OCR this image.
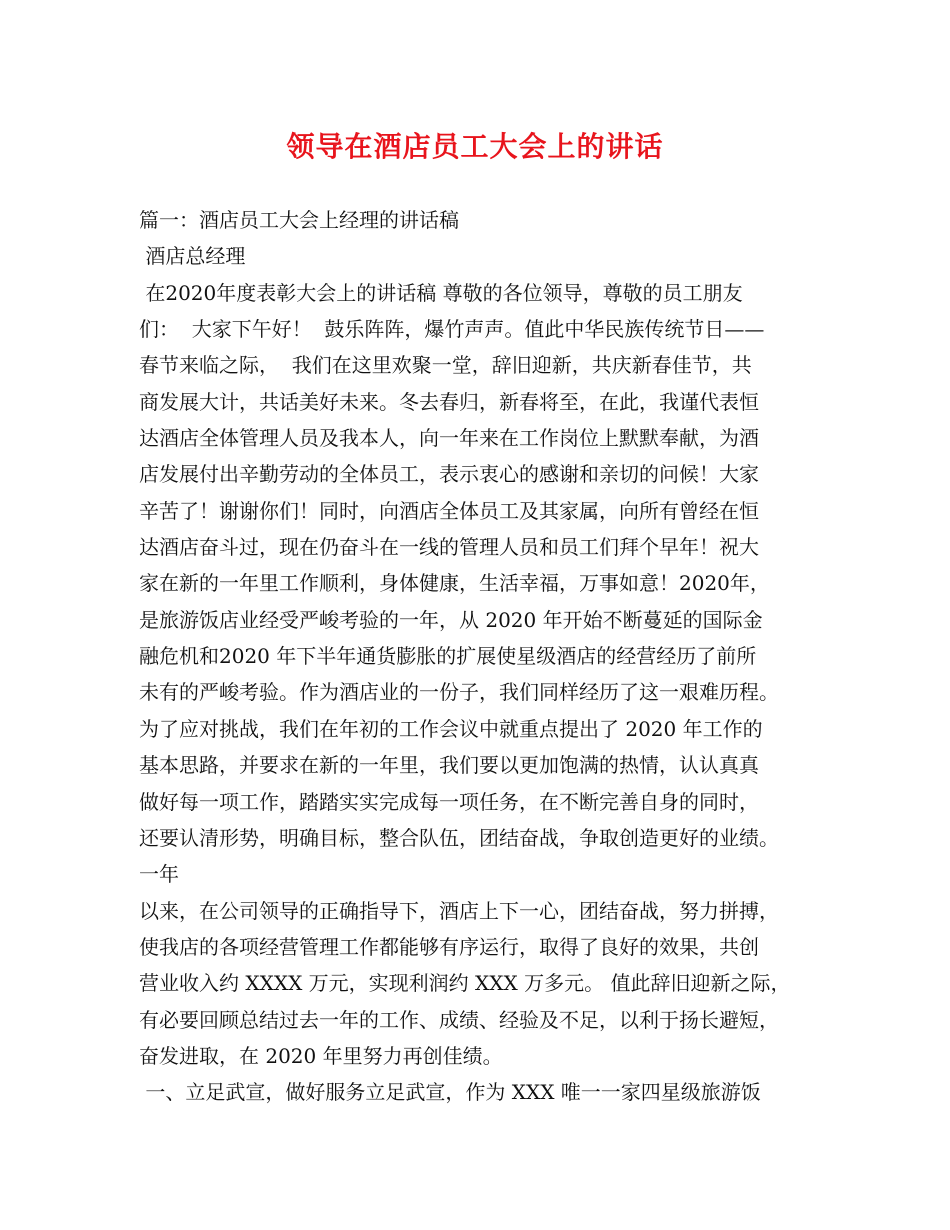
领导在酒店员工大会上的讲话
篇一：酒店员工大会上经理的讲话稿
酒店总经理
在2020年度表彰大会上的讲话稿 尊敬的各位领导，尊敬的员工朋友
们：  大家下午好！  鼓乐阵阵，爆竹声声。值此中华民族传统节日——
春节来临之际，  我们在这里欢聚一堂，辞旧迎新，共庆新春佳节，共
商发展大计，共话美好未来。冬去春归，新春将至，在此，我谨代表恒
达酒店全体管理人员及我本人，向一年来在工作岗位上默默奉献，为酒
店发展付出辛勤劳动的全体员工，表示衷心的感谢和亲切的问候！大家
辛苦了！谢谢你们！同时，向酒店全体员工及其家属，向所有曾经在恒
达酒店奋斗过，现在仍奋斗在一线的管理人员和员工们拜个早年！祝大
家在新的一年里工作顺利，身体健康，生活幸福，万事如意！2020年，
是旅游饭店业经受严峻考验的一年，从 2020 年开始不断蔓延的国际金
融危机和2020 年下半年通货膨胀的扩展使星级酒店的经营经历了前所
未有的严峻考验。作为酒店业的一份子，我们同样经历了这一艰难历程。
为了应对挑战，我们在年初的工作会议中就重点提出了 2020 年工作的
基本思路，并要求在新的一年里，我们要以更加饱满的热情，认认真真
做好每一项工作，踏踏实实完成每一项任务，在不断完善自身的同时，
还要认清形势，明确目标，整合队伍，团结奋战，争取创造更好的业绩。
一年
以来，在公司领导的正确指导下，酒店上下一心，团结奋战，努力拼搏，
使我店的各项经营管理工作都能够有序运行，取得了良好的效果，共创
营业收入约 XXXX 万元，实现利润约 XXX 万多元。 值此辞旧迎新之际，
有必要回顾总结过去一年的工作、成绩、经验及不足，以利于扬长避短，
奋发进取，在 2020 年里努力再创佳绩。
一、立足武宣，做好服务立足武宣，作为 XXX 唯一一家四星级旅游饭
